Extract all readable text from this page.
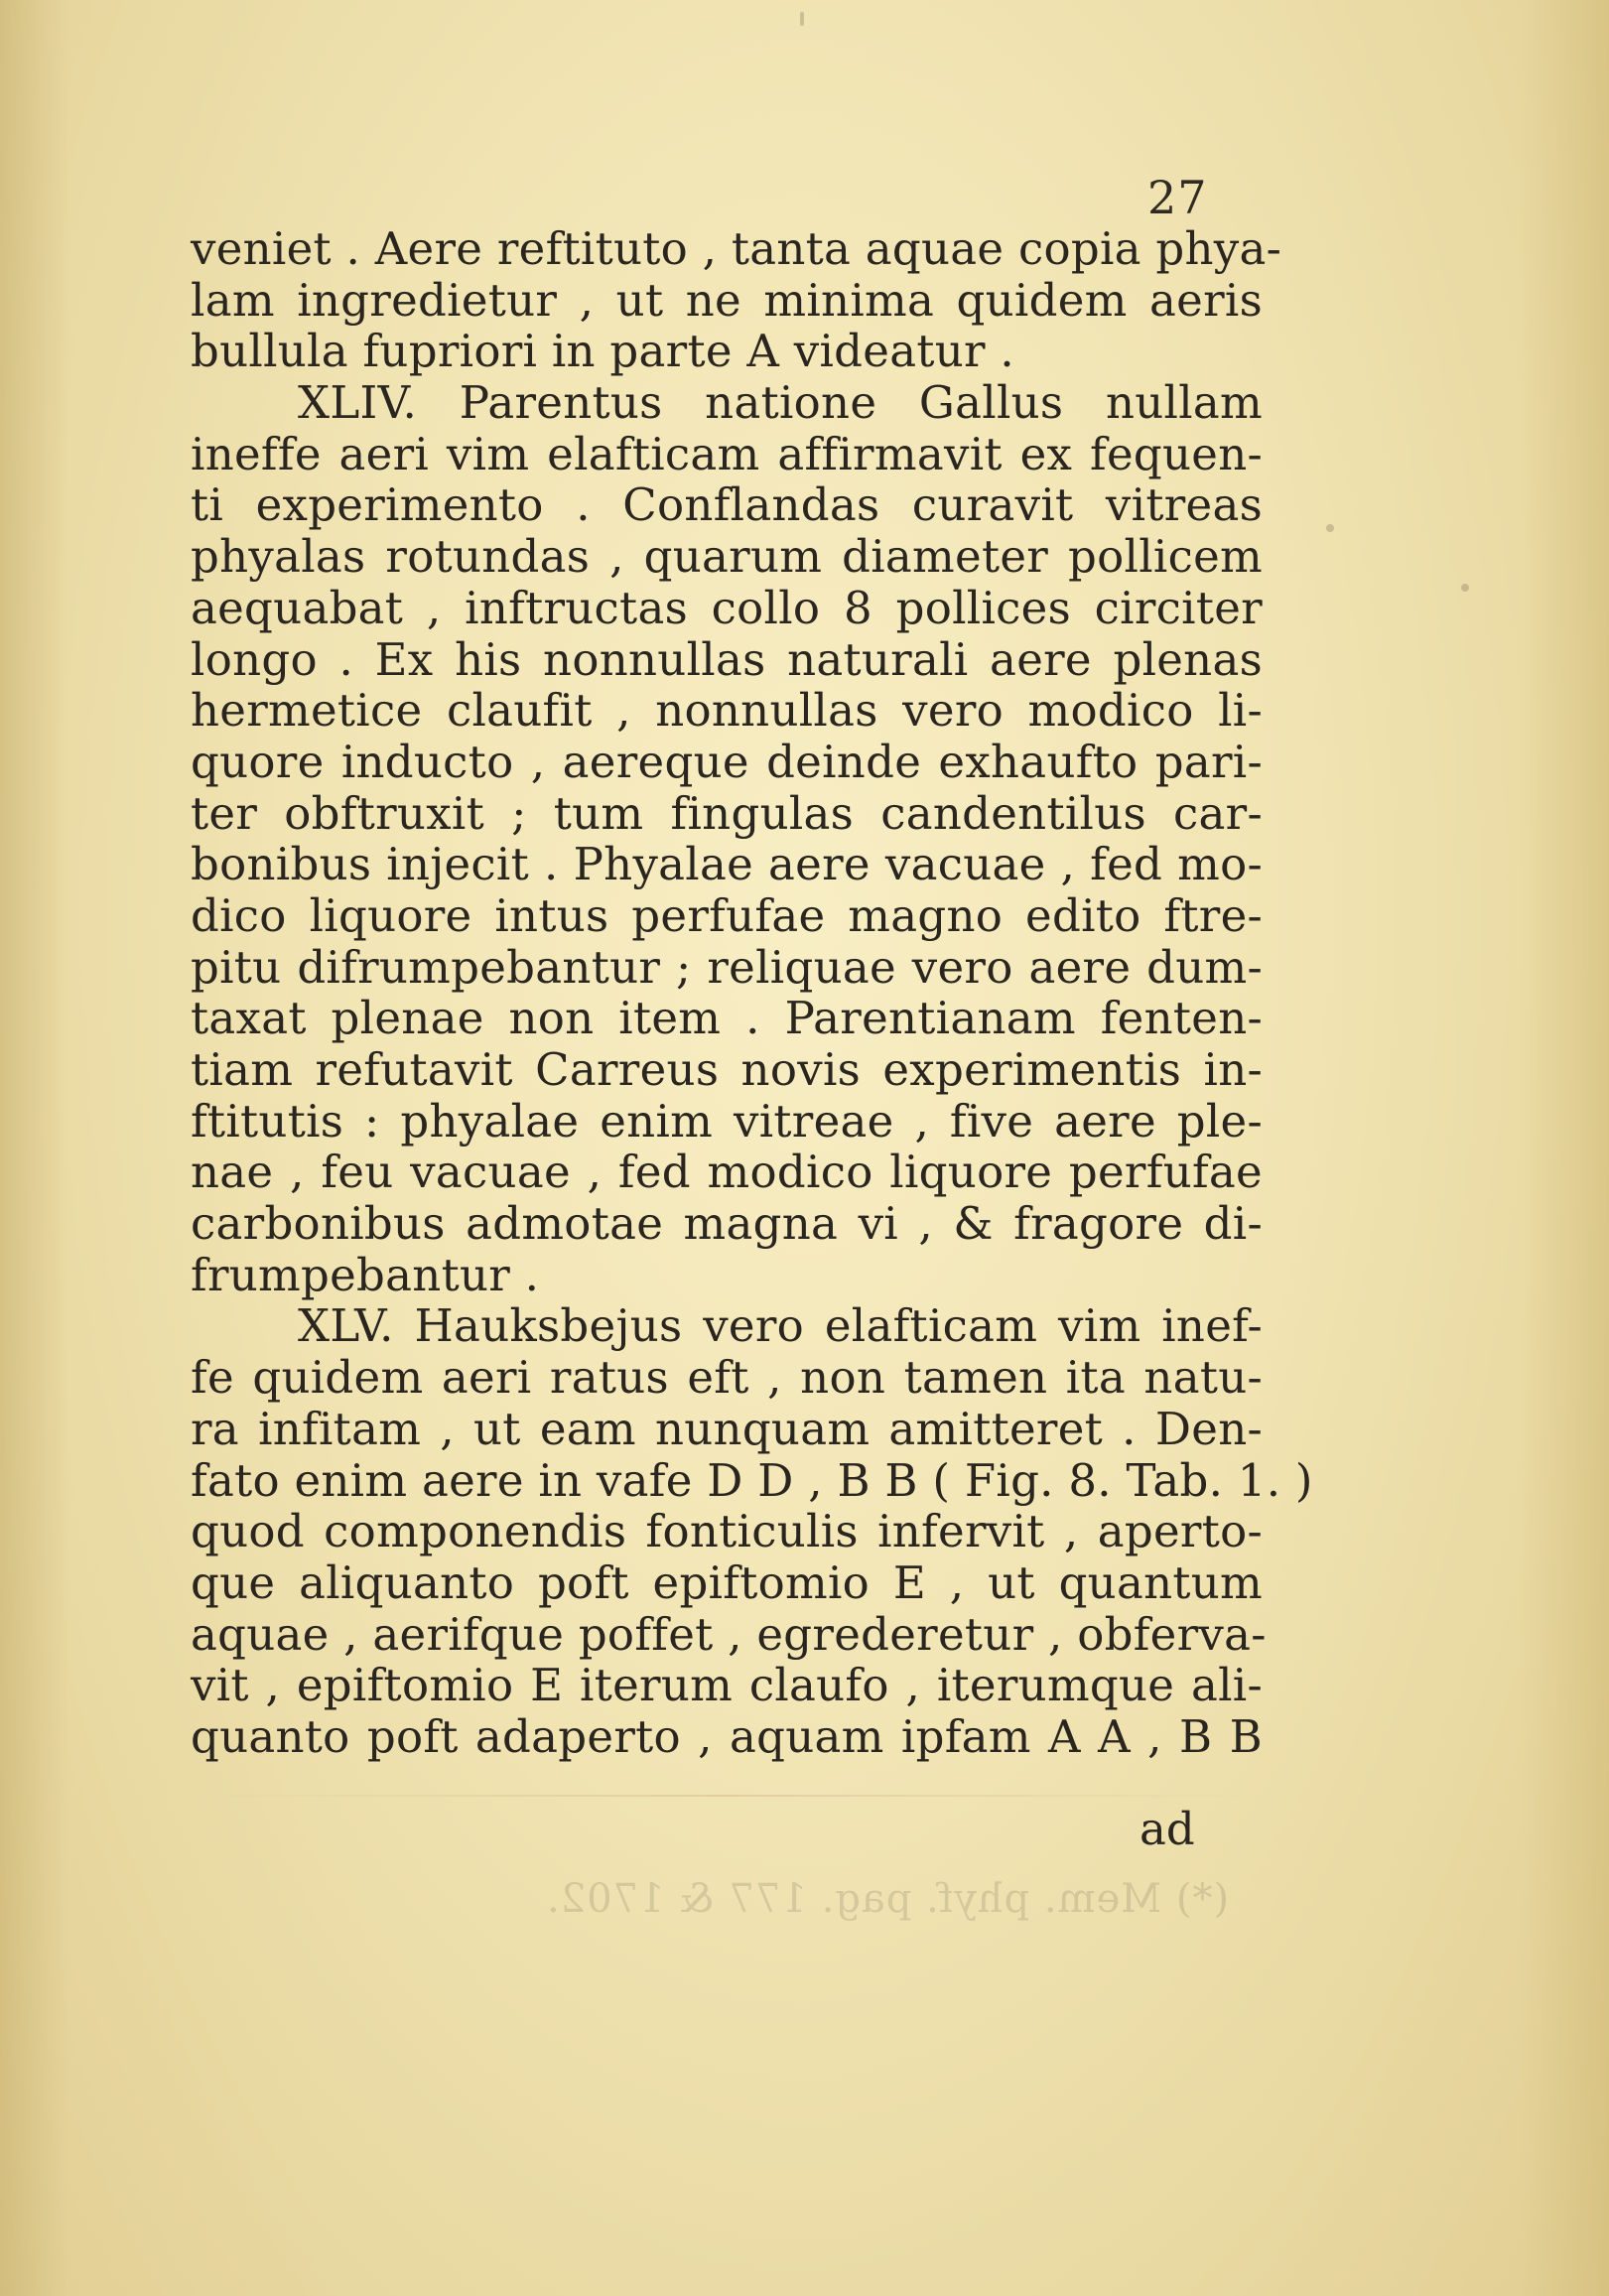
(*) Mem. phyf. pag. 177 & 1702.
27
veniet . Aere reftituto , tanta aquae copia phya-
lam ingredietur , ut ne minima quidem aeris
bullula fupriori in parte A videatur .
XLIV. Parentus natione Gallus nullam
ineffe aeri vim elafticam affirmavit ex fequen-
ti experimento . Conflandas curavit vitreas
phyalas rotundas , quarum diameter pollicem
aequabat , inftructas collo 8 pollices circiter
longo . Ex his nonnullas naturali aere plenas
hermetice claufit , nonnullas vero modico li-
quore inducto , aereque deinde exhaufto pari-
ter obftruxit ; tum fingulas candentilus car-
bonibus injecit . Phyalae aere vacuae , fed mo-
dico liquore intus perfufae magno edito ftre-
pitu difrumpebantur ; reliquae vero aere dum-
taxat plenae non item . Parentianam fenten-
tiam refutavit Carreus novis experimentis in-
ftitutis : phyalae enim vitreae , five aere ple-
nae , feu vacuae , fed modico liquore perfufae
carbonibus admotae magna vi , & fragore di-
frumpebantur .
XLV. Hauksbejus vero elafticam vim inef-
fe quidem aeri ratus eft , non tamen ita natu-
ra infitam , ut eam nunquam amitteret . Den-
fato enim aere in vafe D D , B B ( Fig. 8. Tab. 1. )
quod componendis fonticulis infervit , aperto-
que aliquanto poft epiftomio E , ut quantum
aquae , aerifque poffet , egrederetur , obferva-
vit , epiftomio E iterum claufo , iterumque ali-
quanto poft adaperto , aquam ipfam A A , B B
ad
